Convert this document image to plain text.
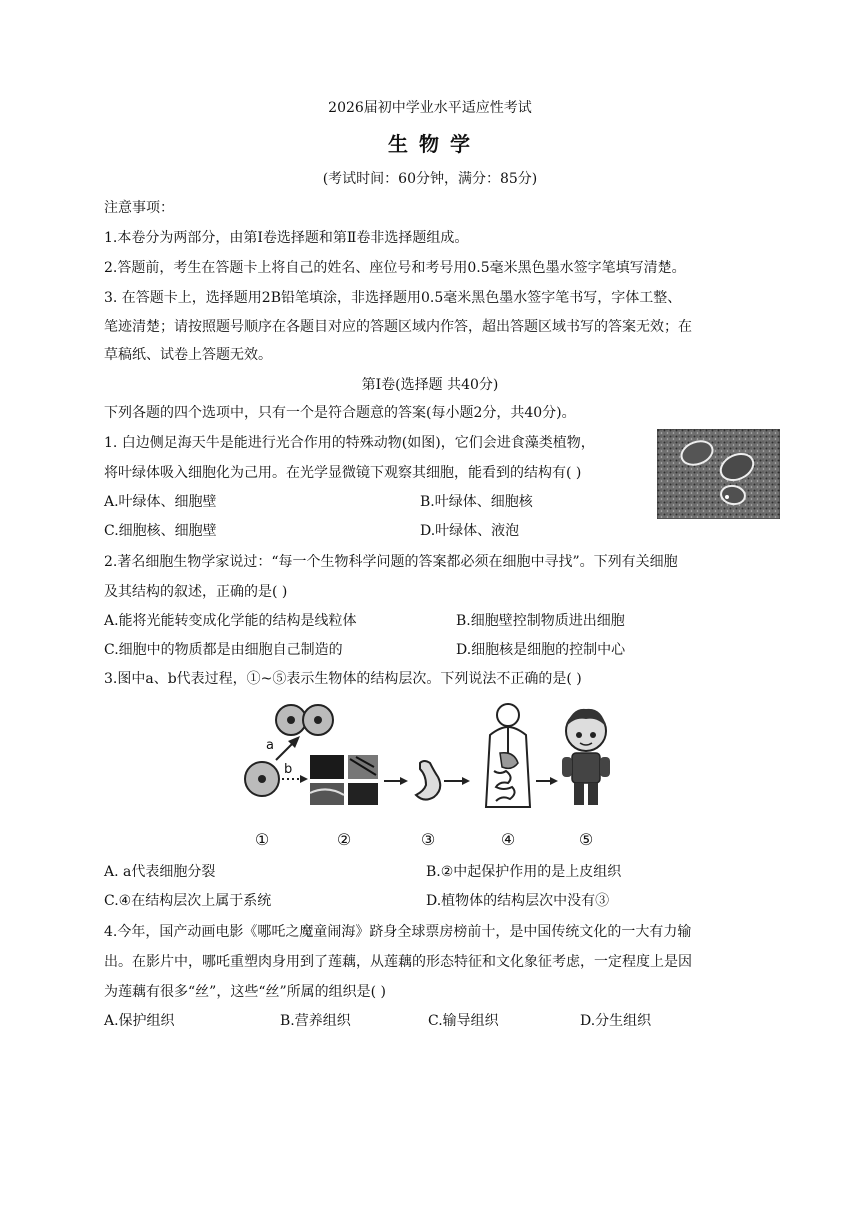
2026届初中学业水平适应性考试
生 物 学
(考试时间：60分钟，满分：85分)
注意事项：
1.本卷分为两部分，由第Ⅰ卷选择题和第Ⅱ卷非选择题组成。
2.答题前，考生在答题卡上将自己的姓名、座位号和考号用0.5毫米黑色墨水签字笔填写清楚。
3. 在答题卡上，选择题用2B铅笔填涂，非选择题用0.5毫米黑色墨水签字笔书写，字体工整、
笔迹清楚；请按照题号顺序在各题目对应的答题区域内作答，超出答题区域书写的答案无效；在
草稿纸、试卷上答题无效。
第Ⅰ卷(选择题 共40分)
下列各题的四个选项中，只有一个是符合题意的答案(每小题2分，共40分)。
1. 白边侧足海天牛是能进行光合作用的特殊动物(如图)，它们会进食藻类植物，
将叶绿体吸入细胞化为己用。在光学显微镜下观察其细胞，能看到的结构有( )
A.叶绿体、细胞壁	B.叶绿体、细胞核
C.细胞核、细胞壁	D.叶绿体、液泡
2.著名细胞生物学家说过：“每一个生物科学问题的答案都必须在细胞中寻找”。下列有关细胞
及其结构的叙述，正确的是( )
A.能将光能转变成化学能的结构是线粒体	B.细胞壁控制物质进出细胞
C.细胞中的物质都是由细胞自己制造的	D.细胞核是细胞的控制中心
3.图中a、b代表过程，①~⑤表示生物体的结构层次。下列说法不正确的是( )
a
b
①	②	③	④	⑤
A. a代表细胞分裂	B.②中起保护作用的是上皮组织
C.④在结构层次上属于系统	D.植物体的结构层次中没有③
4.今年，国产动画电影《哪吒之魔童闹海》跻身全球票房榜前十，是中国传统文化的一大有力输
出。在影片中，哪吒重塑肉身用到了莲藕，从莲藕的形态特征和文化象征考虑，一定程度上是因
为莲藕有很多“丝”，这些“丝”所属的组织是( )
A.保护组织	B.营养组织	C.输导组织	D.分生组织
